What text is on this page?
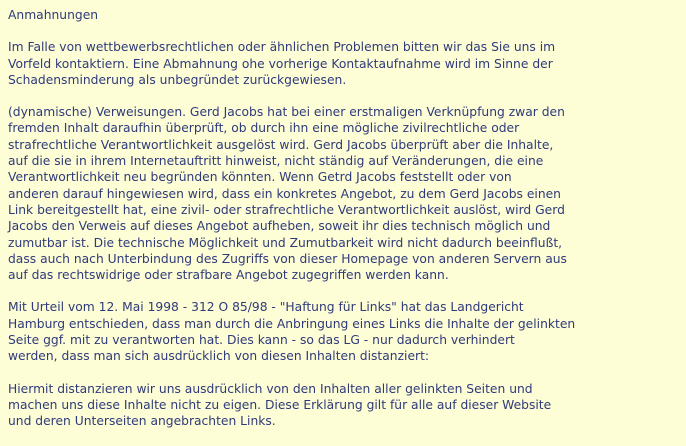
Anmahnungen
Im Falle von wettbewerbsrechtlichen oder ähnlichen Problemen bitten wir das Sie uns im
Vorfeld kontaktiern. Eine Abmahnung ohe vorherige Kontaktaufnahme wird im Sinne der
Schadensminderung als unbegründet zurückgewiesen.
(dynamische) Verweisungen. Gerd Jacobs hat bei einer erstmaligen Verknüpfung zwar den
fremden Inhalt daraufhin überprüft, ob durch ihn eine mögliche zivilrechtliche oder
strafrechtliche Verantwortlichkeit ausgelöst wird. Gerd Jacobs überprüft aber die Inhalte,
auf die sie in ihrem Internetauftritt hinweist, nicht ständig auf Veränderungen, die eine
Verantwortlichkeit neu begründen könnten. Wenn Getrd Jacobs feststellt oder von
anderen darauf hingewiesen wird, dass ein konkretes Angebot, zu dem Gerd Jacobs einen
Link bereitgestellt hat, eine zivil- oder strafrechtliche Verantwortlichkeit auslöst, wird Gerd
Jacobs den Verweis auf dieses Angebot aufheben, soweit ihr dies technisch möglich und
zumutbar ist. Die technische Möglichkeit und Zumutbarkeit wird nicht dadurch beeinflußt,
dass auch nach Unterbindung des Zugriffs von dieser Homepage von anderen Servern aus
auf das rechtswidrige oder strafbare Angebot zugegriffen werden kann.
Mit Urteil vom 12. Mai 1998 - 312 O 85/98 - "Haftung für Links" hat das Landgericht
Hamburg entschieden, dass man durch die Anbringung eines Links die Inhalte der gelinkten
Seite ggf. mit zu verantworten hat. Dies kann - so das LG - nur dadurch verhindert
werden, dass man sich ausdrücklich von diesen Inhalten distanziert:
Hiermit distanzieren wir uns ausdrücklich von den Inhalten aller gelinkten Seiten und
machen uns diese Inhalte nicht zu eigen. Diese Erklärung gilt für alle auf dieser Website
und deren Unterseiten angebrachten Links.
